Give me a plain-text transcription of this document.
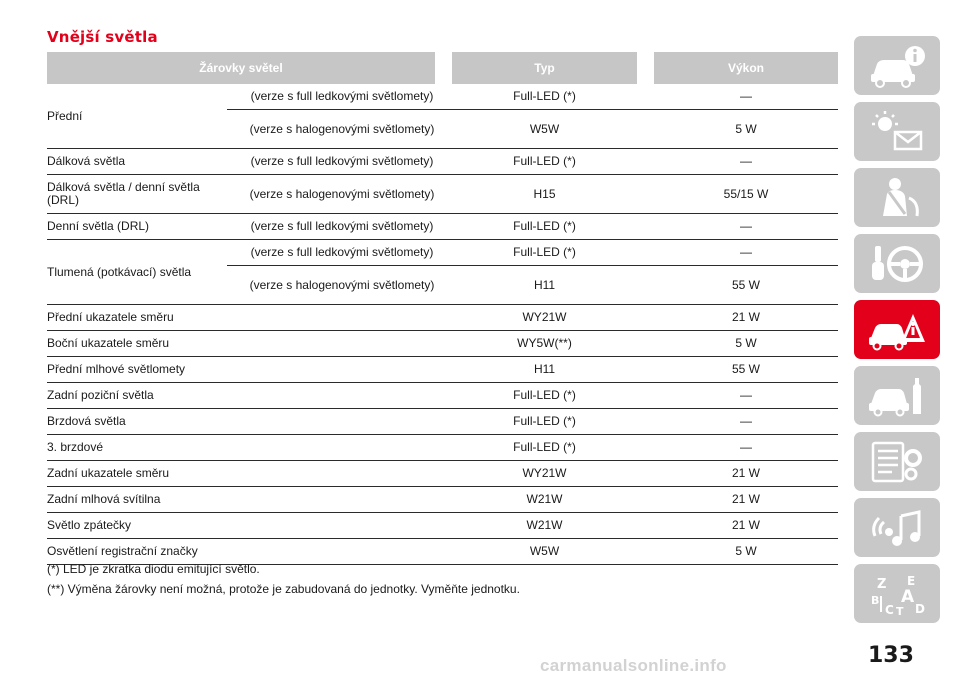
Vnější světla
Žárovky světel	Typ	Výkon
Přední
(verze s full ledkovými světlomety)	Full-LED (*)	—
(verze s halogenovými světlomety)	W5W	5 W
Dálková světla	(verze s full ledkovými světlomety)	Full-LED (*)	—
Dálková světla / denní světla (DRL)	(verze s halogenovými světlomety)	H15	55/15 W
Denní světla (DRL)	(verze s full ledkovými světlomety)	Full-LED (*)	—
Tlumená (potkávací) světla
(verze s full ledkovými světlomety)	Full-LED (*)	—
(verze s halogenovými světlomety)	H11	55 W
Přední ukazatele směru	WY21W	21 W
Boční ukazatele směru	WY5W(**)	5 W
Přední mlhové světlomety	H11	55 W
Zadní poziční světla	Full-LED (*)	—
Brzdová světla	Full-LED (*)	—
3. brzdové	Full-LED (*)	—
Zadní ukazatele směru	WY21W	21 W
Zadní mlhová svítilna	W21W	21 W
Světlo zpátečky	W21W	21 W
Osvětlení registrační značky	W5W	5 W
(*) LED je zkratka diodu emitující světlo.
(**) Výměna žárovky není možná, protože je zabudovaná do jednotky. Vyměňte jednotku.	Z E
B A
C T D
133
carmanualsonline.info
